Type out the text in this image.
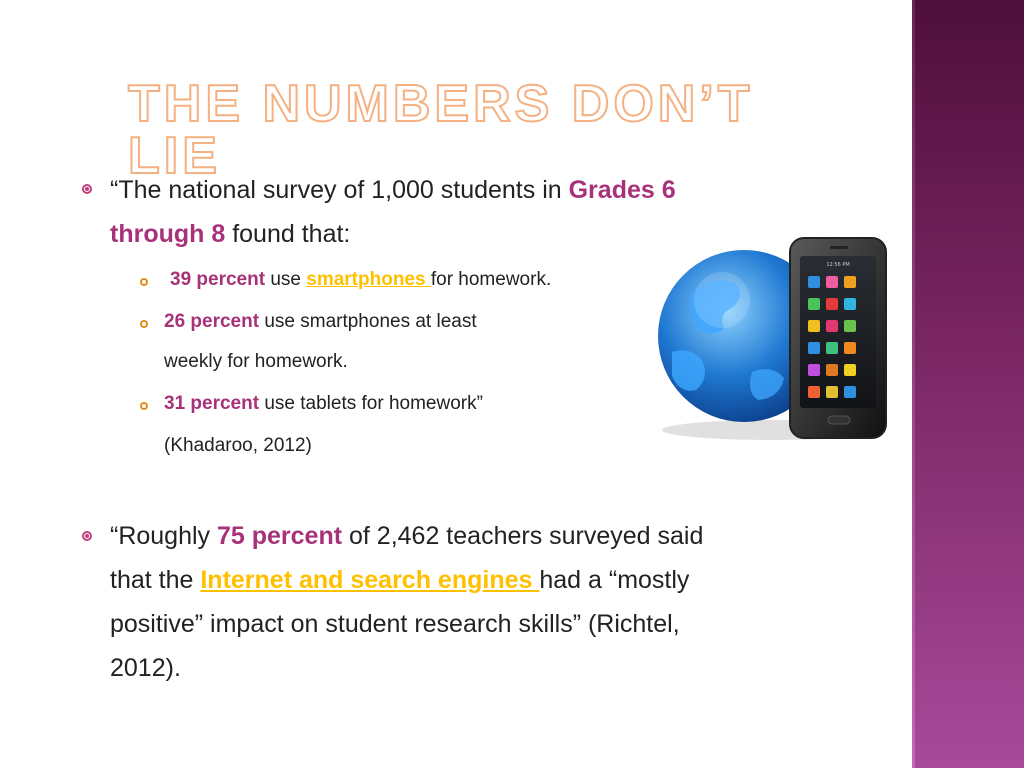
THE NUMBERS DON’T LIE
“The national survey of 1,000 students in Grades 6
through 8 found that:
39 percent use smartphones for homework.
26 percent use smartphones at least
weekly for homework.
31 percent use tablets for homework”
(Khadaroo, 2012)
“Roughly 75 percent of 2,462 teachers surveyed said
that the Internet and search engines had a “mostly
positive” impact on student research skills” (Richtel,
2012).
12:56 PM
